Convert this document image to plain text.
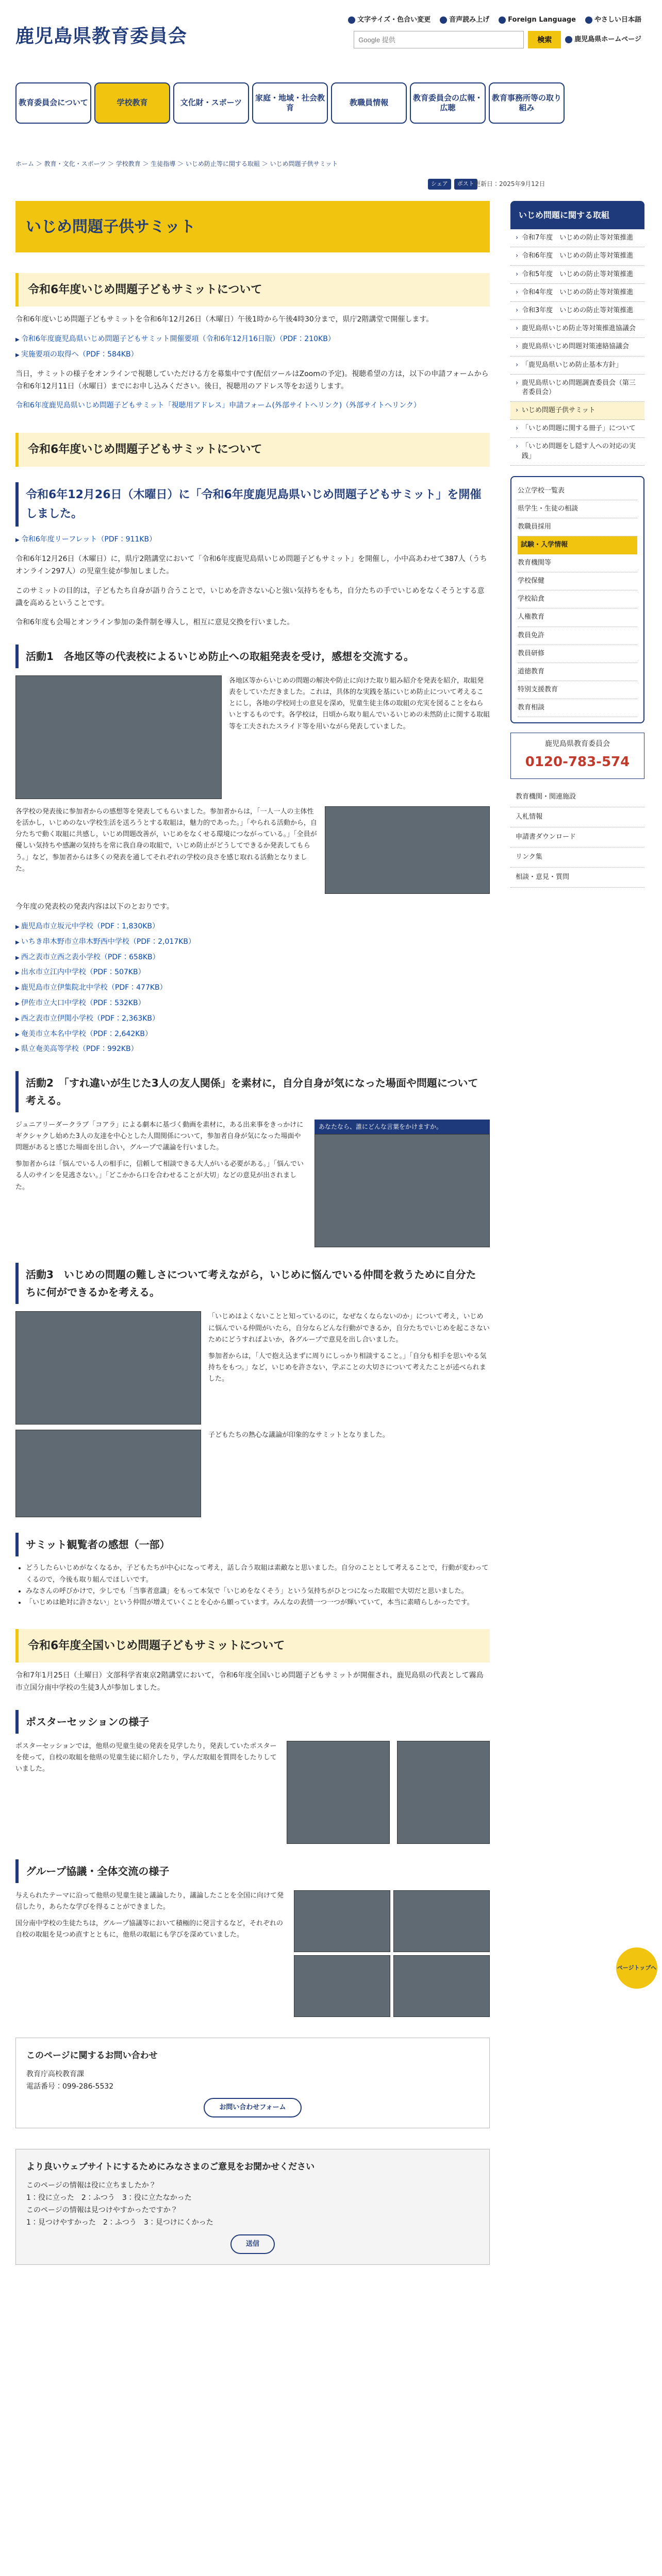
鹿児島県教育委員会
文字サイズ・色合い変更	音声読み上げ	Foreign Language	やさしい日本語
Google 提供
検索	鹿児島県ホームページ
教育委員会について	学校教育	文化財・スポーツ
家庭・地域・社会教育
教職員情報
教育委員会の広報・広聴
教育事務所等の取り組み
ホーム ＞ 教育・文化・スポーツ ＞ 学校教育 ＞ 生徒指導 ＞ いじめ防止等に関する取組 ＞ いじめ問題子供サミット
シェア	ポスト 更新日：2025年9月12日
いじめ問題子供サミット
令和6年度いじめ問題子どもサミットについて

令和6年度いじめ問題子どもサミットを令和6年12月26日（木曜日）午後1時から午後4時30分まで，県庁2階講堂で開催します。

▶ 令和6年度鹿児島県いじめ問題子どもサミット開催要項（令和6年12月16日版）（PDF：210KB）
▶ 実施要項の取得へ（PDF：584KB）

当日，サミットの様子をオンラインで視聴していただける方を募集中です(配信ツールはZoomの予定)。視聴希望の方は，以下の申請フォームから令和6年12月11日（水曜日）までにお申し込みください。後日，視聴用のアドレス等をお送りします。

令和6年度鹿児島県いじめ問題子どもサミット「視聴用アドレス」申請フォーム(外部サイトへリンク)（外部サイトへリンク）

令和6年度いじめ問題子どもサミットについて
令和6年12月26日（木曜日）に「令和6年度鹿児島県いじめ問題子どもサミット」を開催しました。
▶ 令和6年度リーフレット（PDF：911KB）

令和6年12月26日（木曜日）に，県庁2階講堂において「令和6年度鹿児島県いじめ問題子どもサミット」を開催し，小中高あわせて387人（うちオンライン297人）の児童生徒が参加しました。

このサミットの目的は，子どもたち自身が語り合うことで，いじめを許さない心と強い気持ちをもち，自分たちの手でいじめをなくそうとする意識を高めるということです。

令和6年度も会場とオンライン参加の条件制を導入し，相互に意見交換を行いました。

活動1　各地区等の代表校によるいじめ防止への取組発表を受け，感想を交流する。

各地区等からいじめの問題の解決や防止に向けた取り組み紹介を発表を紹介，取組発表をしていただきました。これは，具体的な実践を基にいじめ防止について考えることにし，各地の学校同士の意見を深め，児童生徒主体の取組の充実を図ることをねらいとするものです。各学校は，日頃から取り組んでいるいじめの未然防止に関する取組等を工夫されたスライド等を用いながら発表していました。

各学校の発表後に参加者からの感想等を発表してもらいました。参加者からは，「一人一人の主体性を活かし，いじめのない学校生活を送ろうとする取組は，魅力的であった。」「やられる活動から，自分たちで動く取組に共感し，いじめ問題改善が，いじめをなくせる環境につながっている。」「全員が優しい気持ちや感謝の気持ちを常に我自身の取組で，いじめ防止がどうしてできるか発表してもらう。」など，参加者からは多くの発表を通してそれぞれの学校の良さを感じ取れる活動となりました。

今年度の発表校の発表内容は以下のとおりです。

▶ 鹿児島市立坂元中学校（PDF：1,830KB）
▶ いちき串木野市立串木野西中学校（PDF：2,017KB）
▶ 西之表市立西之表小学校（PDF：658KB）
▶ 出水市立江内中学校（PDF：507KB）
▶ 鹿児島市立伊集院北中学校（PDF：477KB）
▶ 伊佐市立大口中学校（PDF：532KB）
▶ 西之表市立伊関小学校（PDF：2,363KB）
▶ 奄美市立本名中学校（PDF：2,642KB）
▶ 県立奄美高等学校（PDF：992KB）
活動2　「すれ違いが生じた3人の友人関係」を素材に，自分自身が気になった場面や問題について考える。

ジュニアリーダークラブ「コアラ」による劇本に基づく動画を素材に，ある出来事をきっかけにギクシャクし始めた3人の友達を中心とした人間関係について，参加者自身が気になった場面や問題があると感じた場面を出し合い，グループで議論を行いました。

参加者からは「悩んでいる人の相手に，信頼して相談できる大人がいる必要がある。」「悩んでいる人のサインを見逃さない。」「どこかから口を合わせることが大切」などの意見が出されました。

あなたなら、誰にどんな言葉をかけますか。
活動3　いじめの問題の難しさについて考えながら，いじめに悩んでいる仲間を救うために自分たちに何ができるかを考える。

「いじめはよくないことと知っているのに，なぜなくならないのか」について考え，いじめに悩んでいる仲間がいたら，自分ならどんな行動ができるか，自分たちでいじめを起こさないためにどうすればよいか，各グループで意見を出し合いました。

参加者からは，「人で抱え込まずに周りにしっかり相談すること。」「自分も相手を思いやる気持ちをもつ。」など，いじめを許さない，学ぶことの大切さについて考えたことが述べられました。

子どもたちの熱心な議論が印象的なサミットとなりました。

サミット観覧者の感想（一部）
• どうしたらいじめがなくなるか，子どもたちが中心になって考え，話し合う取組は素敵なと思いました。自分のこととして考えることで，行動が変わってくるので，今後も取り組んでほしいです。
• みなさんの呼びかけで，少しでも「当事者意識」をもって本気で「いじめをなくそう」という気持ちがひとつになった取組で大切だと思いました。
• 「いじめは絶対に許さない」という仲間が増えていくことを心から願っています。みんなの表情一つ一つが輝いていて，本当に素晴らしかったです。
令和6年度全国いじめ問題子どもサミットについて

令和7年1月25日（土曜日）文部科学省東京2階講堂において，令和6年度全国いじめ問題子どもサミットが開催され，鹿児島県の代表として霧島市立国分南中学校の生徒3人が参加しました。

ポスターセッションの様子

ポスターセッションでは，他県の児童生徒の発表を見学したり，発表していたポスターを使って，自校の取組を他県の児童生徒に紹介したり，学んだ取組を質問をしたりしていました。

グループ協議・全体交流の様子

与えられたテーマに沿って他県の児童生徒と議論したり，議論したことを全国に向けて発信したり，あらたな学びを得ることができました。

国分南中学校の生徒たちは，グループ協議等において積極的に発言するなど，それぞれの自校の取組を見つめ直すとともに，他県の取組にも学びを深めていました。

このページに関するお問い合わせ

教育庁高校教育課

電話番号：099-286-5532

お問い合わせフォーム
より良いウェブサイトにするためにみなさまのご意見をお聞かせください

このページの情報は役に立ちましたか？

1：役に立った　2：ふつう　3：役に立たなかった

このページの情報は見つけやすかったですか？

1：見つけやすかった　2：ふつう　3：見つけにくかった

送信
いじめ問題に関する取組
› 令和7年度　いじめの防止等対策推進
› 令和6年度　いじめの防止等対策推進
› 令和5年度　いじめの防止等対策推進
› 令和4年度　いじめの防止等対策推進
› 令和3年度　いじめの防止等対策推進
› 鹿児島県いじめ防止等対策推進協議会
› 鹿児島県いじめ問題対策連絡協議会
› 「鹿児島県いじめ防止基本方針」
› 鹿児島県いじめ問題調査委員会（第三者委員会）
› いじめ問題子供サミット
› 「いじめ問題に関する冊子」について
› 「いじめ問題をし隠す人への対応の実践」
公立学校一覧表
県学生・生徒の相談
教職員採用
試験・入学情報
教育機関等
学校保健
学校給食
人権教育
教員免許
教員研修
道徳教育
特別支援教育
教育相談
鹿児島県教育委員会
0120-783-574
教育機関・関連施設
入札情報
申請書ダウンロード
リンク集
相談・意見・質問
ページトップへ
